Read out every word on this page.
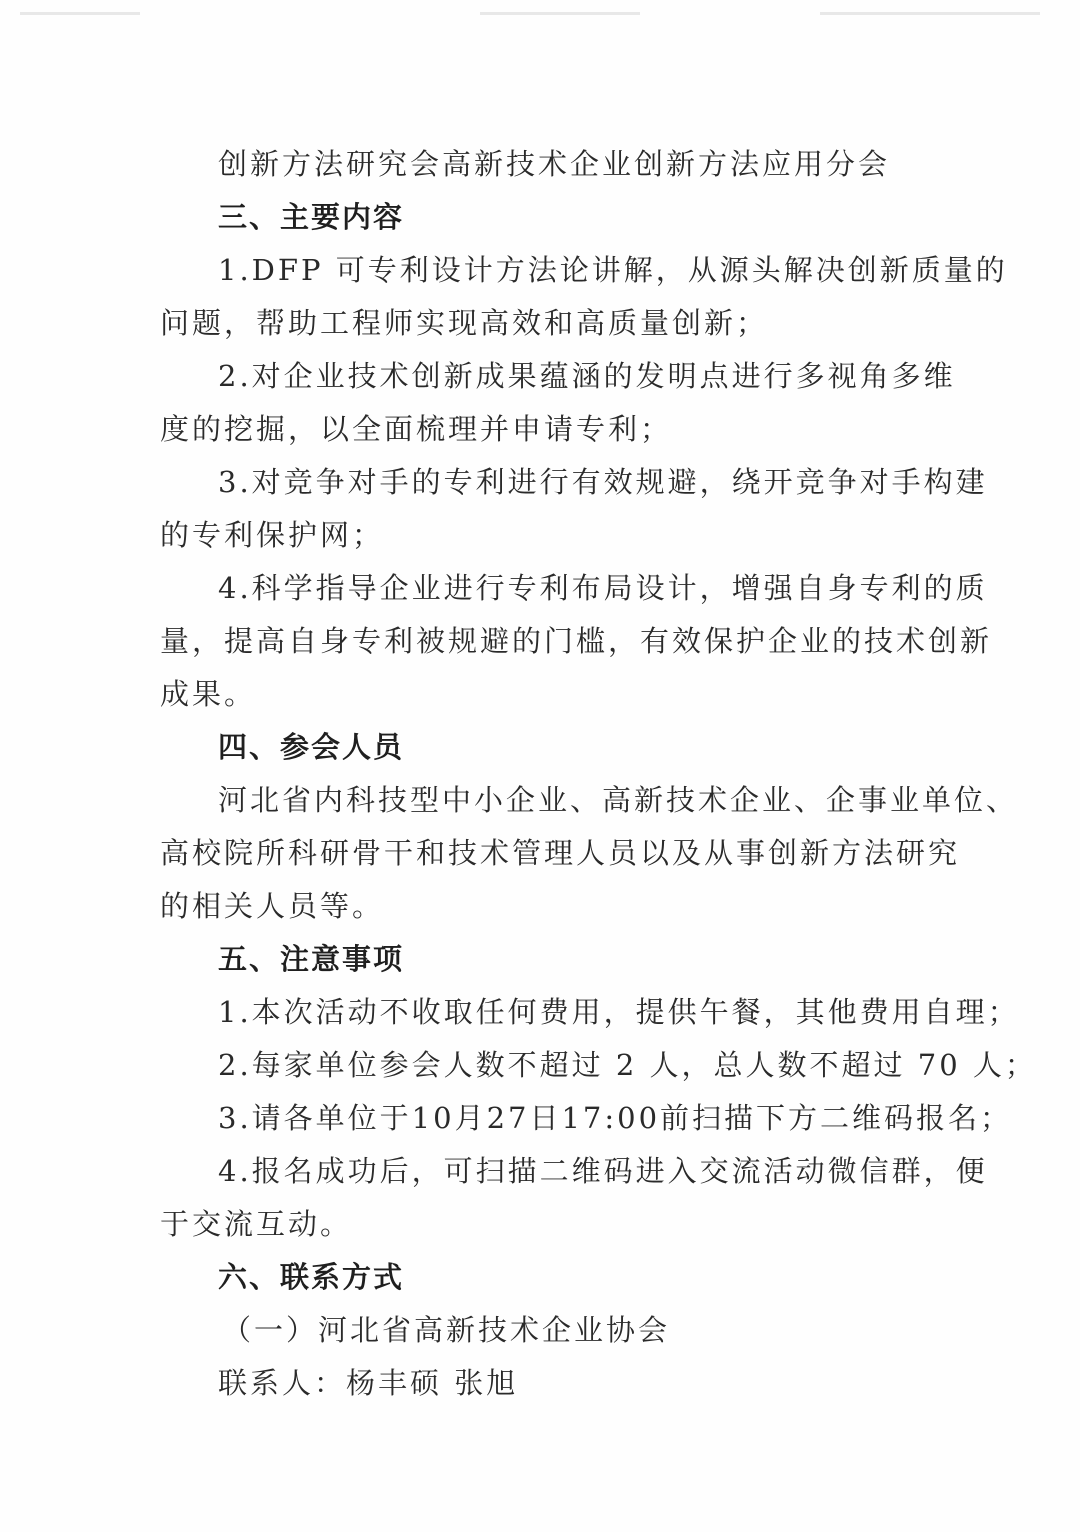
创新方法研究会高新技术企业创新方法应用分会
三、主要内容
1.DFP 可专利设计方法论讲解，从源头解决创新质量的
问题，帮助工程师实现高效和高质量创新；
2.对企业技术创新成果蕴涵的发明点进行多视角多维
度的挖掘，以全面梳理并申请专利；
3.对竞争对手的专利进行有效规避，绕开竞争对手构建
的专利保护网；
4.科学指导企业进行专利布局设计，增强自身专利的质
量，提高自身专利被规避的门槛，有效保护企业的技术创新
成果。
四、参会人员
河北省内科技型中小企业、高新技术企业、企事业单位、
高校院所科研骨干和技术管理人员以及从事创新方法研究
的相关人员等。
五、注意事项
1.本次活动不收取任何费用，提供午餐，其他费用自理；
2.每家单位参会人数不超过 2 人，总人数不超过 70 人；
3.请各单位于10月27日17:00前扫描下方二维码报名；
4.报名成功后，可扫描二维码进入交流活动微信群，便
于交流互动。
六、联系方式
（一）河北省高新技术企业协会
联系人：杨丰硕 张旭
